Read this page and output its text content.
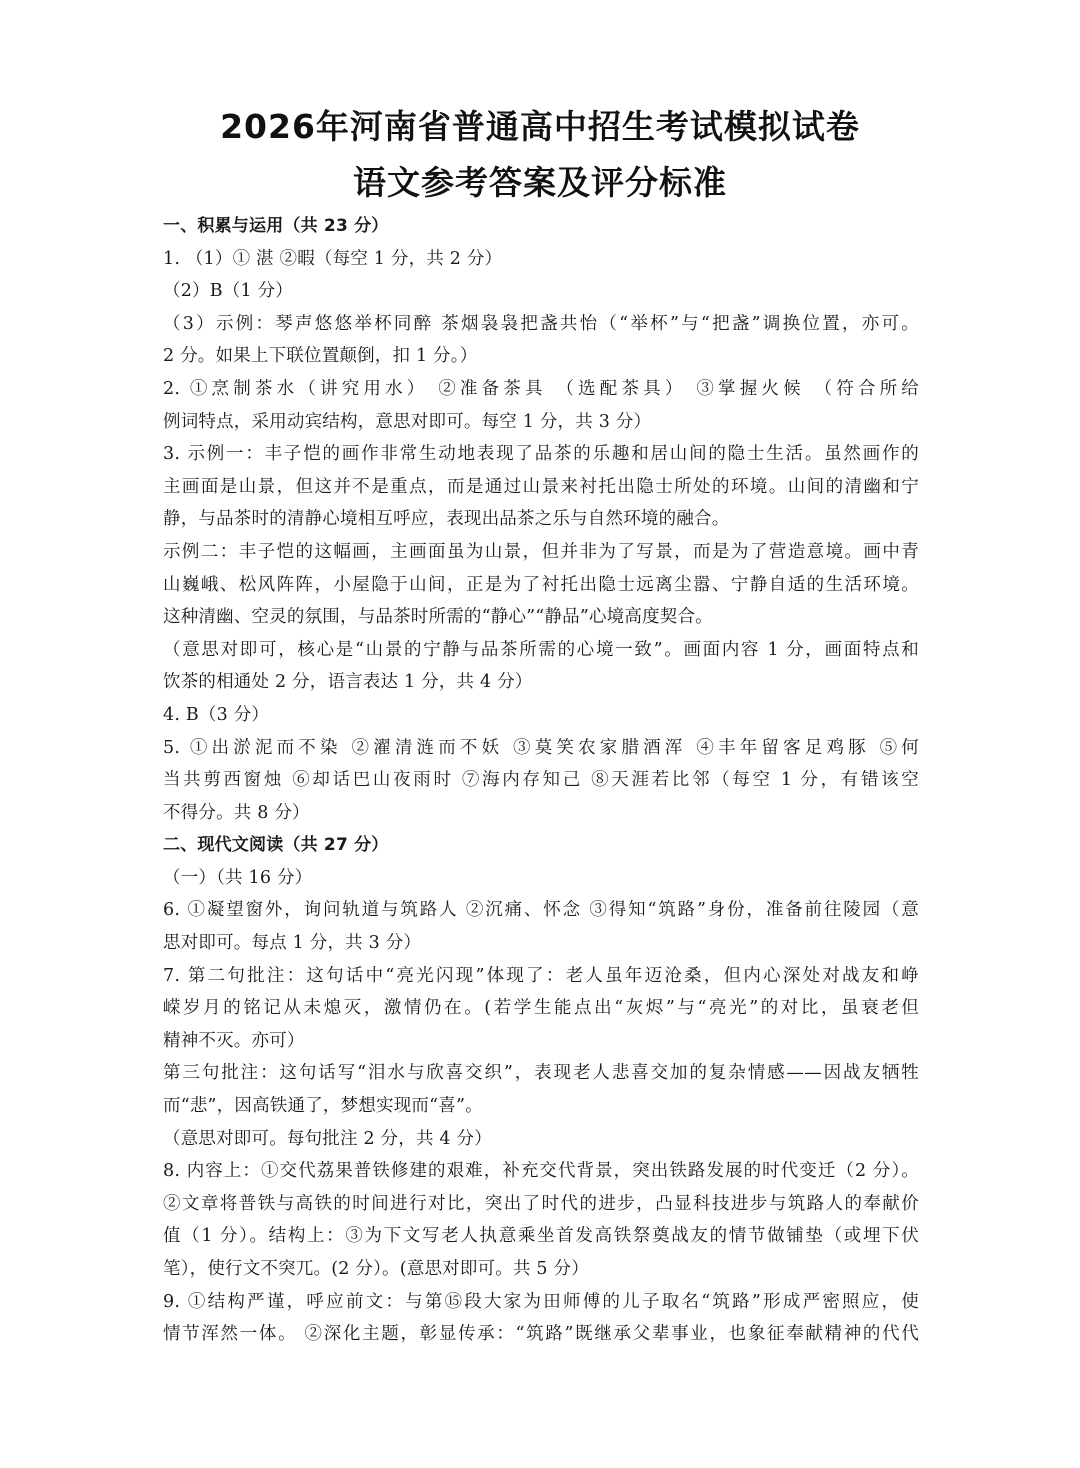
2026年河南省普通高中招生考试模拟试卷
语文参考答案及评分标准
一、积累与运用（共 23 分）
1. （1）① 湛 ②暇（每空 1 分，共 2 分）
（2）B（1 分）
（3）示例：琴声悠悠举杯同醉 茶烟袅袅把盏共怡（“举杯”与“把盏”调换位置，亦可。
2 分。如果上下联位置颠倒，扣 1 分。）
2. ①烹制茶水（讲究用水） ②准备茶具 （选配茶具） ③掌握火候 （符合所给
例词特点，采用动宾结构，意思对即可。每空 1 分，共 3 分）
3. 示例一：丰子恺的画作非常生动地表现了品茶的乐趣和居山间的隐士生活。虽然画作的
主画面是山景，但这并不是重点，而是通过山景来衬托出隐士所处的环境。山间的清幽和宁
静，与品茶时的清静心境相互呼应，表现出品茶之乐与自然环境的融合。
示例二：丰子恺的这幅画，主画面虽为山景，但并非为了写景，而是为了营造意境。画中青
山巍峨、松风阵阵，小屋隐于山间，正是为了衬托出隐士远离尘嚣、宁静自适的生活环境。
这种清幽、空灵的氛围，与品茶时所需的“静心”“静品”心境高度契合。
（意思对即可，核心是“山景的宁静与品茶所需的心境一致”。画面内容 1 分，画面特点和
饮茶的相通处 2 分，语言表达 1 分，共 4 分）
4. B（3 分）
5. ①出淤泥而不染 ②濯清涟而不妖 ③莫笑农家腊酒浑 ④丰年留客足鸡豚 ⑤何
当共剪西窗烛 ⑥却话巴山夜雨时 ⑦海内存知己 ⑧天涯若比邻（每空 1 分，有错该空
不得分。共 8 分）
二、现代文阅读（共 27 分）
（一）（共 16 分）
6. ①凝望窗外，询问轨道与筑路人 ②沉痛、怀念 ③得知“筑路”身份，准备前往陵园（意
思对即可。每点 1 分，共 3 分）
7. 第二句批注：这句话中“亮光闪现”体现了：老人虽年迈沧桑，但内心深处对战友和峥
嵘岁月的铭记从未熄灭，激情仍在。(若学生能点出“灰烬”与“亮光”的对比，虽衰老但
精神不灭。亦可）
第三句批注：这句话写“泪水与欣喜交织”，表现老人悲喜交加的复杂情感——因战友牺牲
而“悲”，因高铁通了，梦想实现而“喜”。
（意思对即可。每句批注 2 分，共 4 分）
8. 内容上：①交代荔果普铁修建的艰难，补充交代背景，突出铁路发展的时代变迁（2 分）。
②文章将普铁与高铁的时间进行对比，突出了时代的进步，凸显科技进步与筑路人的奉献价
值（1 分）。结构上：③为下文写老人执意乘坐首发高铁祭奠战友的情节做铺垫（或埋下伏
笔），使行文不突兀。(2 分）。(意思对即可。共 5 分）
9. ①结构严谨，呼应前文：与第⑮段大家为田师傅的儿子取名“筑路”形成严密照应，使
情节浑然一体。 ②深化主题，彰显传承：“筑路”既继承父辈事业，也象征奉献精神的代代
